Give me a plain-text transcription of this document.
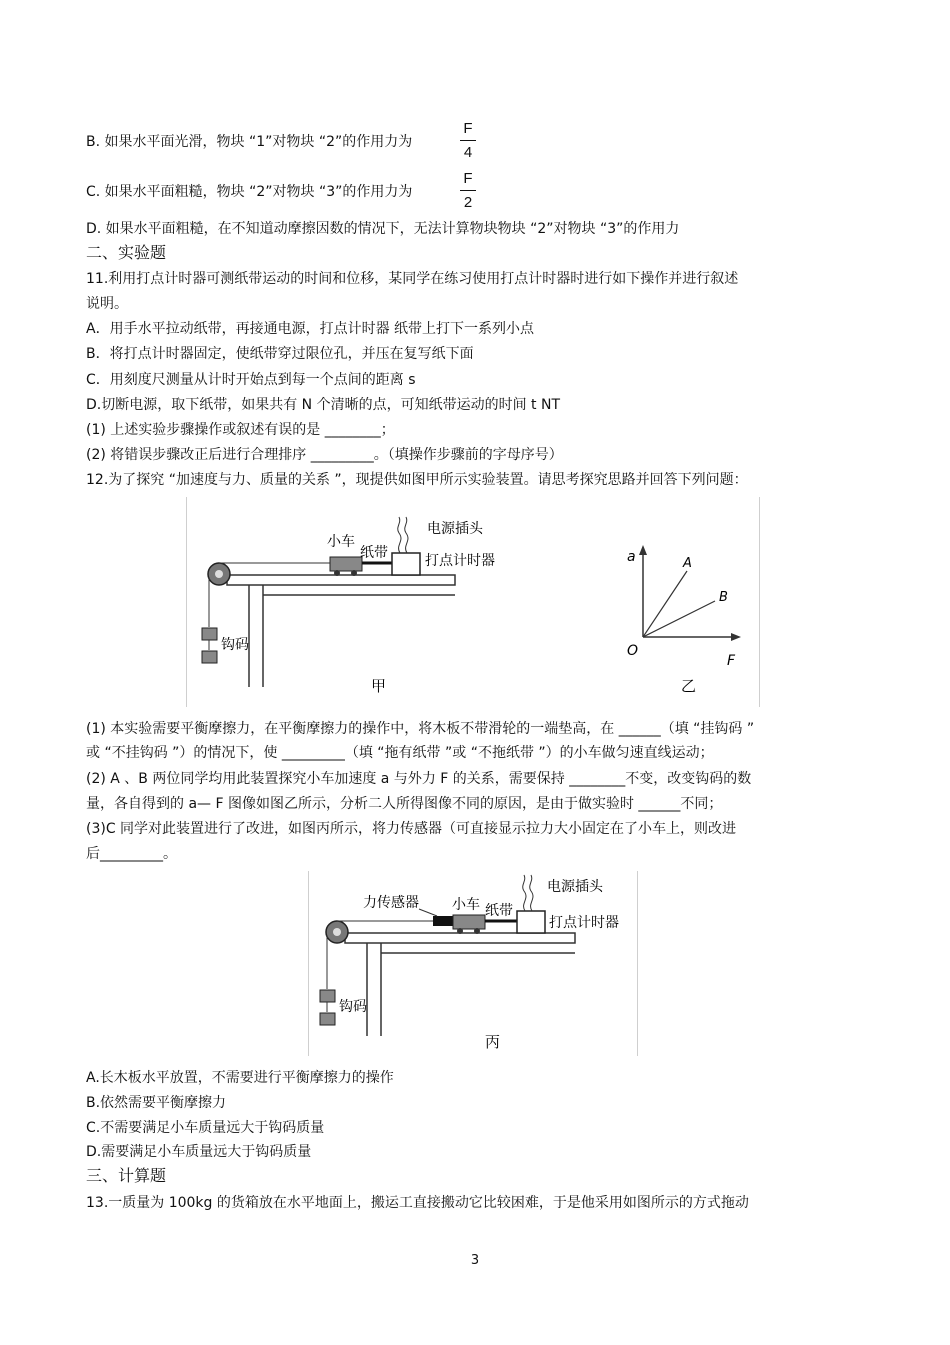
B. 如果水平面光滑，物块 “1”对物块 “2”的作用力为
F
4
C. 如果水平面粗糙，物块 “2”对物块 “3”的作用力为
F
2
D. 如果水平面粗糙，在不知道动摩擦因数的情况下，无法计算物块物块 “2”对物块 “3”的作用力
二、实验题
11.利用打点计时器可测纸带运动的时间和位移，某同学在练习使用打点计时器时进行如下操作并进行叙述
说明。
A．用手水平拉动纸带，再接通电源，打点计时器 纸带上打下一系列小点
B．将打点计时器固定，使纸带穿过限位孔，并压在复写纸下面
C．用刻度尺测量从计时开始点到每一个点间的距离 s
D.切断电源，取下纸带，如果共有 N 个清晰的点，可知纸带运动的时间 t NT
(1) 上述实验步骤操作或叙述有误的是 ________；
(2) 将错误步骤改正后进行合理排序 _________。（填操作步骤前的字母序号）
12.为了探究 “加速度与力、质量的关系 ”，现提供如图甲所示实验装置。请思考探究思路并回答下列问题：
小车
纸带
电源插头
打点计时器
钩码
甲
a
F
O
A
B
乙
(1) 本实验需要平衡摩擦力，在平衡摩擦力的操作中，将木板不带滑轮的一端垫高，在 ______（填 “挂钩码 ”
或 “不挂钩码 ”）的情况下，使 _________（填 “拖有纸带 ”或 “不拖纸带 ”）的小车做匀速直线运动；
(2) A 、B 两位同学均用此装置探究小车加速度 a 与外力 F 的关系，需要保持 ________不变，改变钩码的数
量，各自得到的 a— F 图像如图乙所示，分析二人所得图像不同的原因，是由于做实验时 ______不同；
(3)C 同学对此装置进行了改进，如图丙所示，将力传感器（可直接显示拉力大小固定在了小车上，则改进
后_________。
力传感器 小车 纸带
电源插头
打点计时器
钩码
丙
A.长木板水平放置，不需要进行平衡摩擦力的操作
B.依然需要平衡摩擦力
C.不需要满足小车质量远大于钩码质量
D.需要满足小车质量远大于钩码质量
三、计算题
13.一质量为 100kg 的货箱放在水平地面上，搬运工直接搬动它比较困难，于是他采用如图所示的方式拖动
3
